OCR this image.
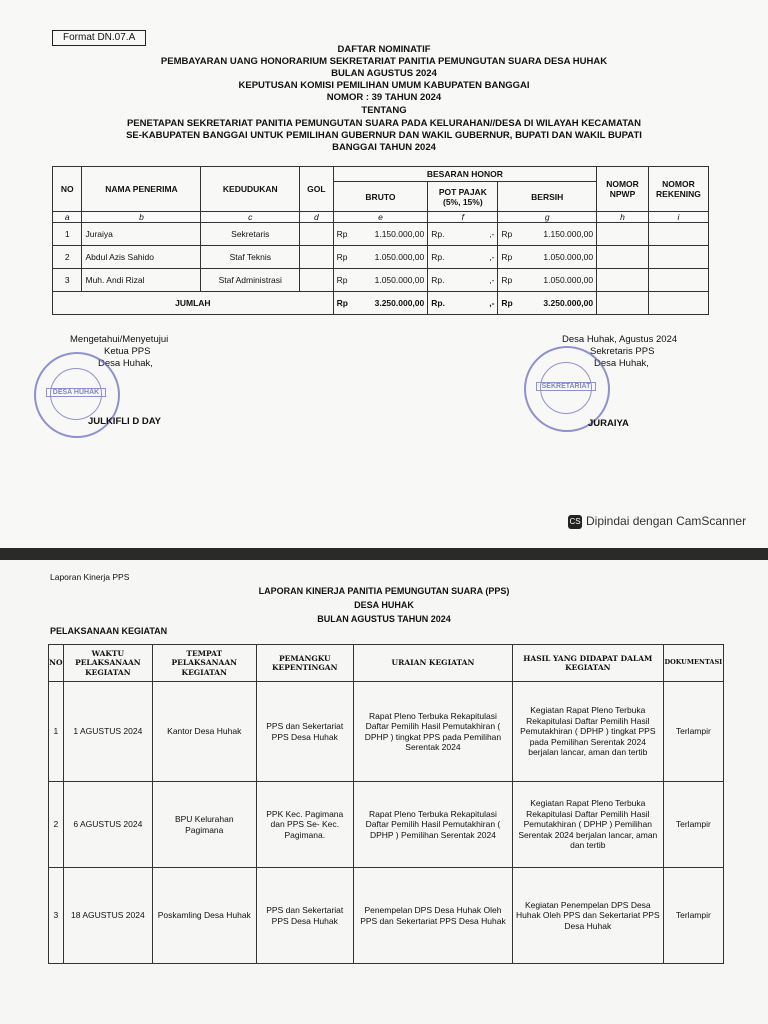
Format DN.07.A
DAFTAR NOMINATIF
PEMBAYARAN UANG HONORARIUM SEKRETARIAT PANITIA PEMUNGUTAN SUARA DESA HUHAK
BULAN AGUSTUS 2024
KEPUTUSAN KOMISI PEMILIHAN UMUM KABUPATEN BANGGAI
NOMOR : 39 TAHUN 2024
TENTANG
PENETAPAN SEKRETARIAT PANITIA PEMUNGUTAN SUARA PADA KELURAHAN//DESA DI WILAYAH KECAMATAN
SE-KABUPATEN BANGGAI UNTUK PEMILIHAN GUBERNUR DAN WAKIL GUBERNUR, BUPATI DAN WAKIL BUPATI
BANGGAI TAHUN 2024
NO	NAMA PENERIMA	KEDUDUKAN	GOL	BESARAN HONOR						NOMOR NPWP	NOMOR REKENING
				BRUTO		POT PAJAK (5%, 15%)		BERSIH			
a	b	c	d	e		f		g		h	i
1	Juraiya	Sekretaris		Rp	1.150.000,00	Rp.	,-	Rp	1.150.000,00		
2	Abdul Azis Sahido	Staf Teknis		Rp	1.050.000,00	Rp.	,-	Rp	1.050.000,00		
3	Muh. Andi Rizal	Staf Administrasi		Rp	1.050.000,00	Rp.	,-	Rp	1.050.000,00		
JUMLAH				Rp	3.250.000,00	Rp.	,-	Rp	3.250.000,00		
Mengetahui/Menyetujui
Ketua PPS
Desa Huhak,
DESA HUHAK
JULKIFLI D DAY
Desa Huhak, Agustus 2024
Sekretaris PPS
Desa Huhak,
SEKRETARIAT
JURAIYA
CS Dipindai dengan CamScanner
Laporan Kinerja PPS
LAPORAN KINERJA PANITIA PEMUNGUTAN SUARA (PPS)
DESA HUHAK
BULAN AGUSTUS TAHUN 2024
PELAKSANAAN KEGIATAN
NO	WAKTU PELAKSANAAN KEGIATAN	TEMPAT PELAKSANAAN KEGIATAN	PEMANGKU KEPENTINGAN	URAIAN KEGIATAN	HASIL YANG DIDAPAT DALAM KEGIATAN	DOKUMENTASI
1	1 AGUSTUS 2024	Kantor Desa Huhak	PPS dan Sekertariat PPS Desa Huhak	Rapat Pleno Terbuka Rekapitulasi Daftar Pemilih Hasil Pemutakhiran ( DPHP ) tingkat PPS pada Pemilihan Serentak 2024	Kegiatan Rapat Pleno Terbuka Rekapitulasi Daftar Pemilih Hasil Pemutakhiran ( DPHP ) tingkat PPS pada Pemilihan Serentak 2024 berjalan lancar, aman dan tertib	Terlampir
2	6 AGUSTUS 2024	BPU Kelurahan Pagimana	PPK Kec. Pagimana dan PPS Se- Kec. Pagimana.	Rapat Pleno Terbuka Rekapitulasi Daftar Pemilih Hasil Pemutakhiran ( DPHP ) Pemilihan Serentak 2024	Kegiatan Rapat Pleno Terbuka Rekapitulasi Daftar Pemilih Hasil Pemutakhiran ( DPHP ) Pemilihan Serentak 2024 berjalan lancar, aman dan tertib	Terlampir
3	18 AGUSTUS 2024	Poskamling Desa Huhak	PPS dan Sekertariat PPS Desa Huhak	Penempelan DPS Desa Huhak Oleh PPS dan Sekertariat PPS Desa Huhak	Kegiatan Penempelan DPS Desa Huhak Oleh PPS dan Sekertariat PPS Desa Huhak	Terlampir
